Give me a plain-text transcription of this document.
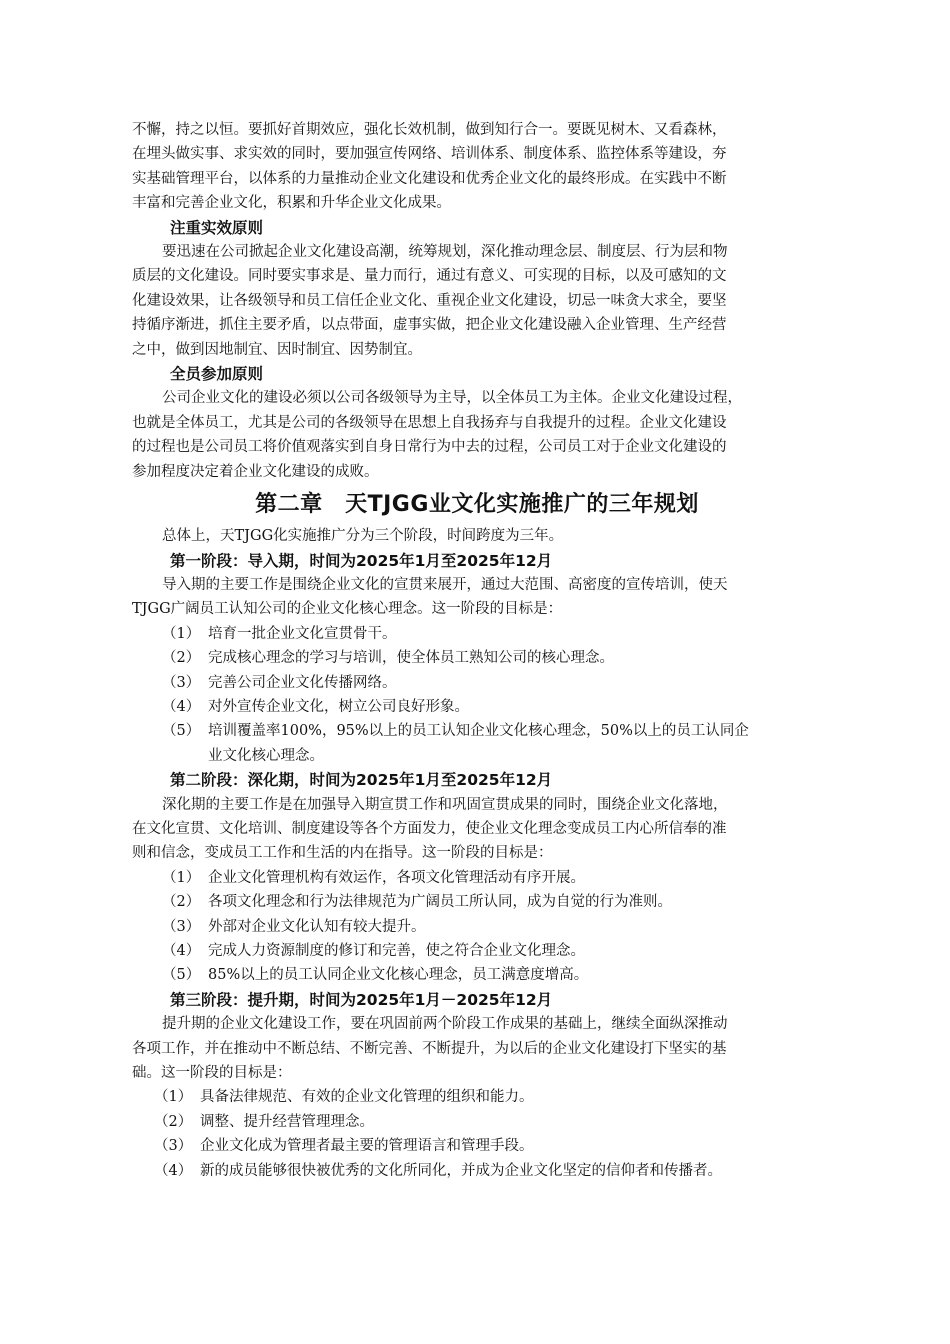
不懈，持之以恒。要抓好首期效应，强化长效机制，做到知行合一。要既见树木、又看森林，

在埋头做实事、求实效的同时，要加强宣传网络、培训体系、制度体系、监控体系等建设，夯

实基础管理平台，以体系的力量推动企业文化建设和优秀企业文化的最终形成。在实践中不断

丰富和完善企业文化，积累和升华企业文化成果。

注重实效原则

要迅速在公司掀起企业文化建设高潮，统筹规划，深化推动理念层、制度层、行为层和物

质层的文化建设。同时要实事求是、量力而行，通过有意义、可实现的目标，以及可感知的文

化建设效果，让各级领导和员工信任企业文化、重视企业文化建设，切忌一味贪大求全，要坚

持循序渐进，抓住主要矛盾，以点带面，虚事实做，把企业文化建设融入企业管理、生产经营

之中，做到因地制宜、因时制宜、因势制宜。

全员参加原则

公司企业文化的建设必须以公司各级领导为主导，以全体员工为主体。企业文化建设过程，

也就是全体员工，尤其是公司的各级领导在思想上自我扬弃与自我提升的过程。企业文化建设

的过程也是公司员工将价值观落实到自身日常行为中去的过程，公司员工对于企业文化建设的

参加程度决定着企业文化建设的成败。

第二章　天TJGG业文化实施推广的三年规划

总体上，天TJGG化实施推广分为三个阶段，时间跨度为三年。

第一阶段：导入期，时间为2025年1月至2025年12月

导入期的主要工作是围绕企业文化的宣贯来展开，通过大范围、高密度的宣传培训，使天

TJGG广阔员工认知公司的企业文化核心理念。这一阶段的目标是：

（1） 培育一批企业文化宣贯骨干。
（2） 完成核心理念的学习与培训，使全体员工熟知公司的核心理念。
（3） 完善公司企业文化传播网络。
（4） 对外宣传企业文化，树立公司良好形象。
（5） 培训覆盖率100%，95%以上的员工认知企业文化核心理念，50%以上的员工认同企
业文化核心理念。

第二阶段：深化期，时间为2025年1月至2025年12月

深化期的主要工作是在加强导入期宣贯工作和巩固宣贯成果的同时，围绕企业文化落地，

在文化宣贯、文化培训、制度建设等各个方面发力，使企业文化理念变成员工内心所信奉的准

则和信念，变成员工工作和生活的内在指导。这一阶段的目标是：

（1） 企业文化管理机构有效运作，各项文化管理活动有序开展。
（2） 各项文化理念和行为法律规范为广阔员工所认同，成为自觉的行为准则。
（3） 外部对企业文化认知有较大提升。
（4） 完成人力资源制度的修订和完善，使之符合企业文化理念。
（5） 85%以上的员工认同企业文化核心理念，员工满意度增高。

第三阶段：提升期，时间为2025年1月－2025年12月

提升期的企业文化建设工作，要在巩固前两个阶段工作成果的基础上，继续全面纵深推动

各项工作，并在推动中不断总结、不断完善、不断提升，为以后的企业文化建设打下坚实的基

础。这一阶段的目标是：

（1） 具备法律规范、有效的企业文化管理的组织和能力。
（2） 调整、提升经营管理理念。
（3） 企业文化成为管理者最主要的管理语言和管理手段。
（4） 新的成员能够很快被优秀的文化所同化，并成为企业文化坚定的信仰者和传播者。
